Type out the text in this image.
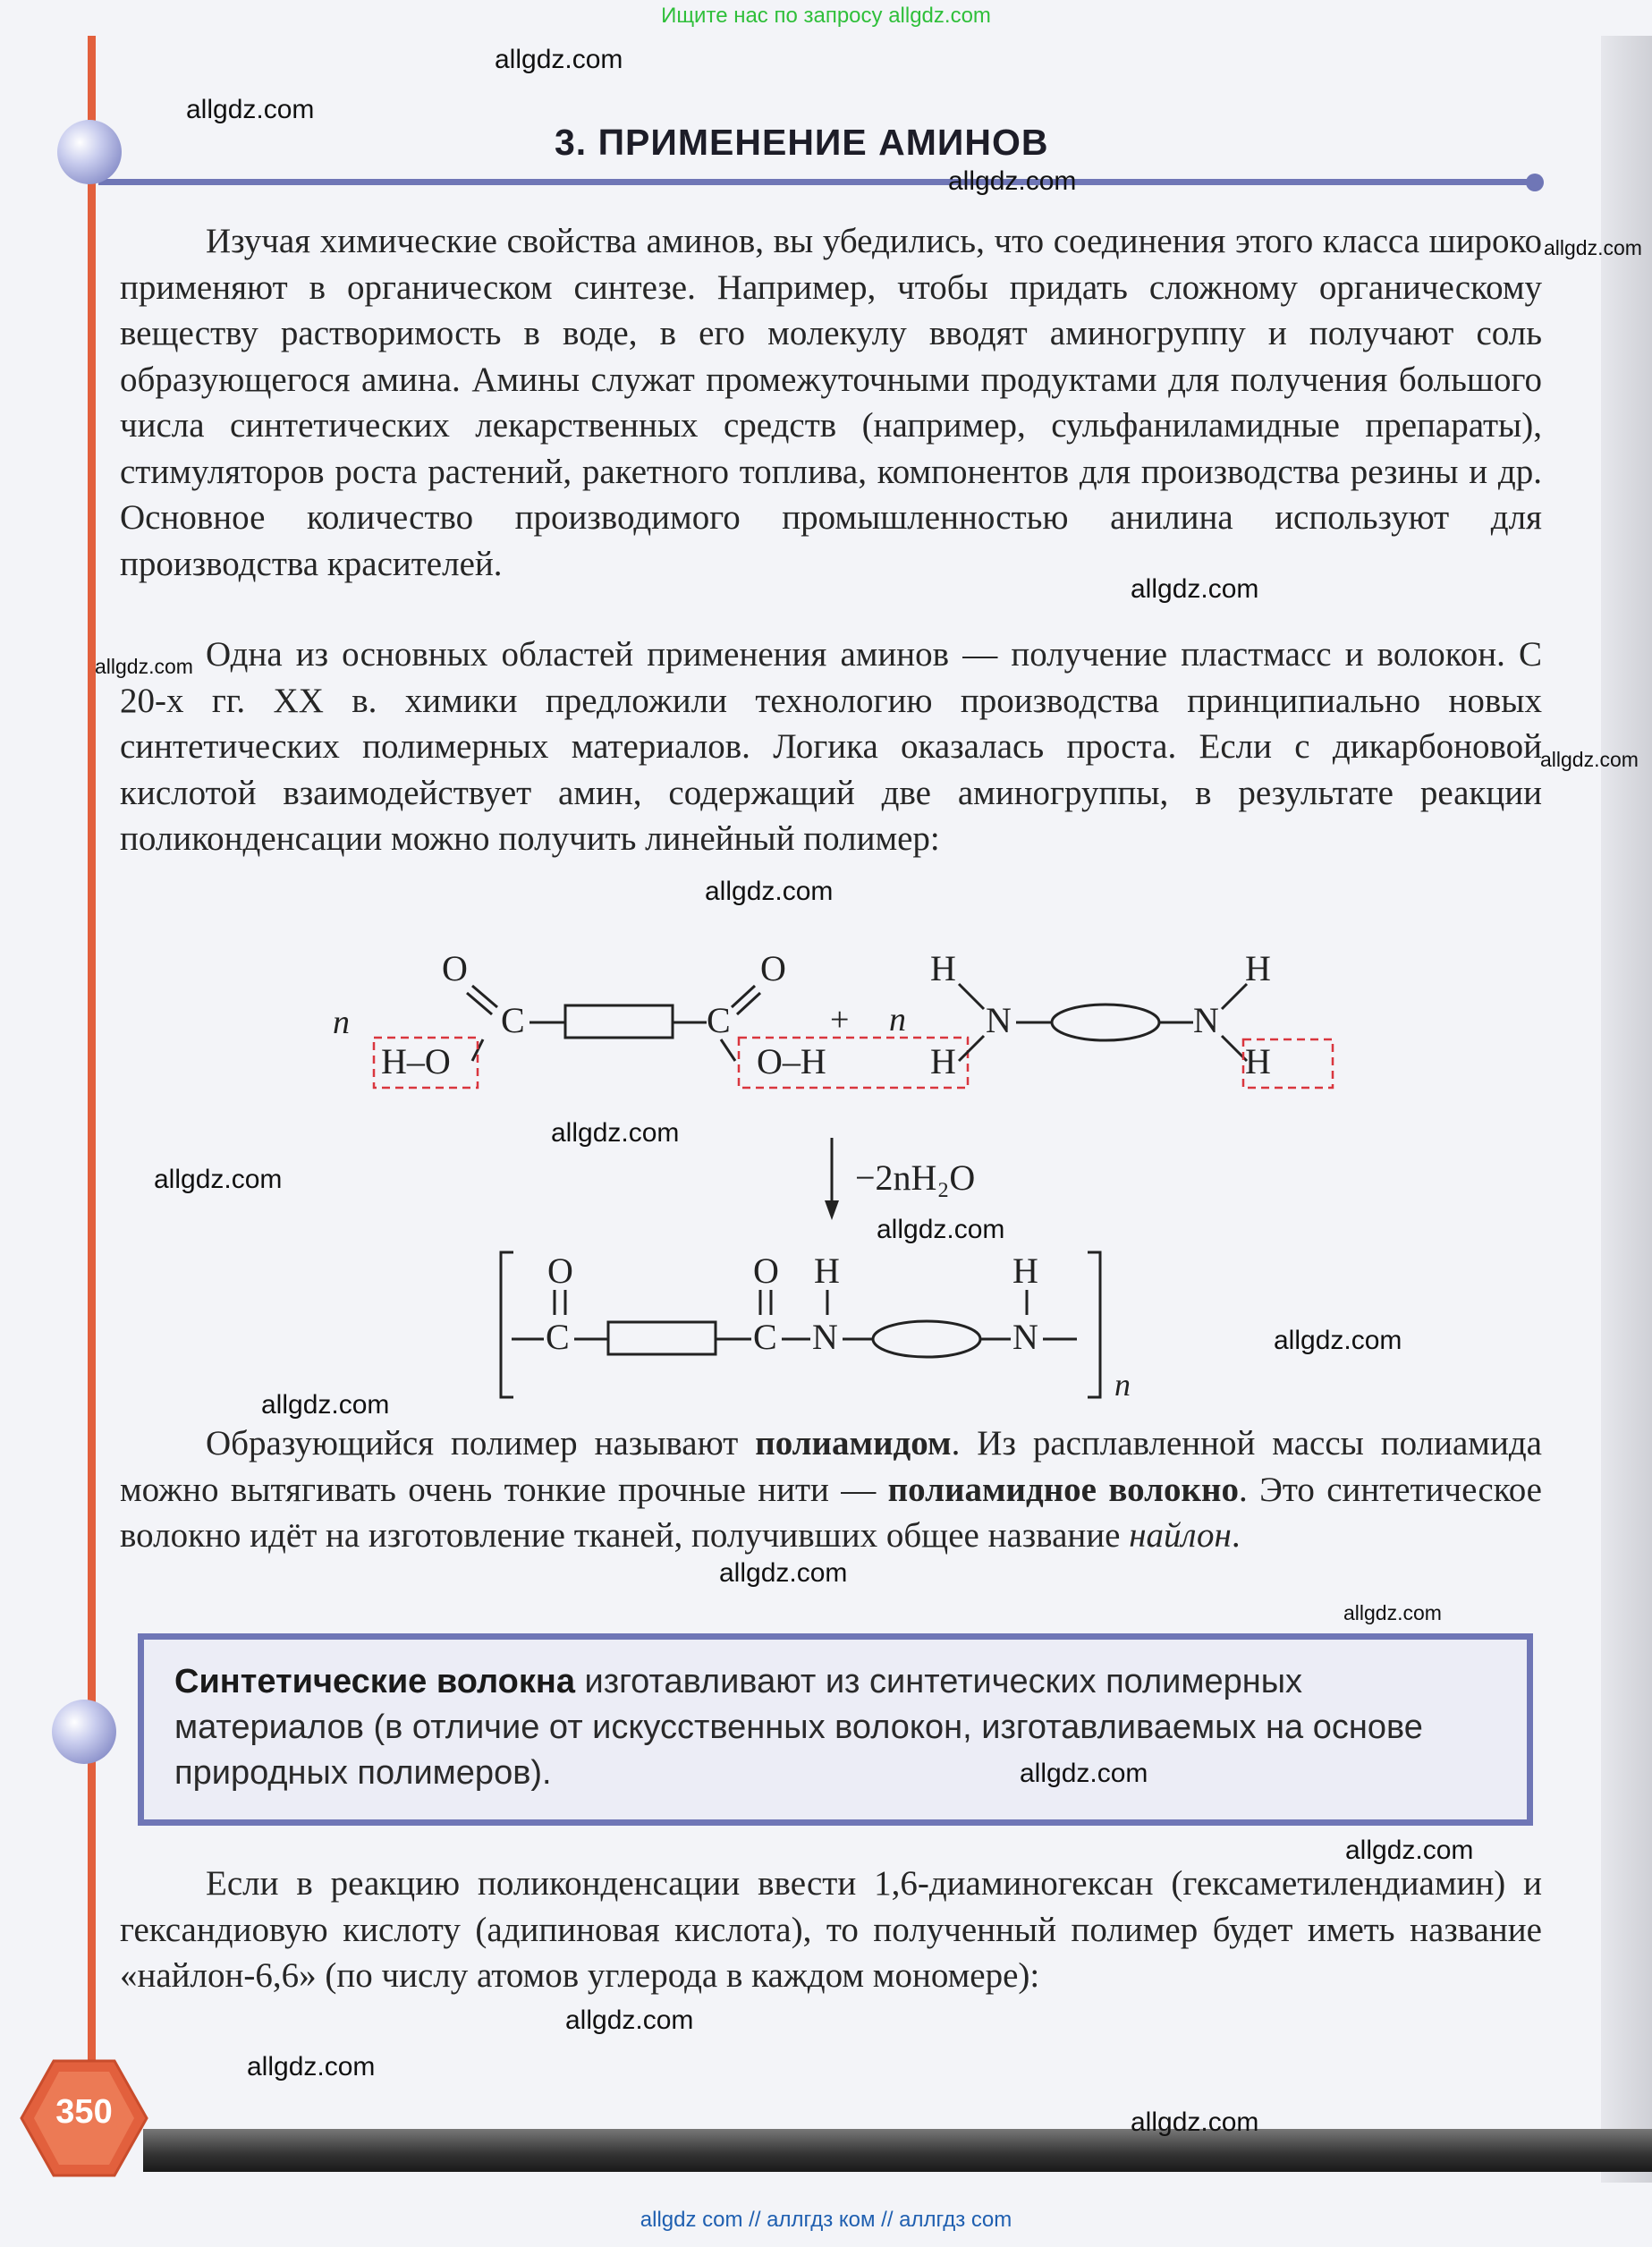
Ищите нас по запросу allgdz.com
3. ПРИМЕНЕНИЕ АМИНОВ

Изучая химические свойства аминов, вы убедились, что соединения этого класса широко применяют в органическом синтезе. Например, чтобы придать сложному органическому веществу растворимость в воде, в его молекулу вводят аминогруппу и получают соль образующегося амина. Амины служат промежуточными продуктами для получения большого числа синтетических лекарственных средств (например, сульфаниламидные препараты), стимуляторов роста растений, ракетного топлива, компонентов для производства резины и др. Основное количество производимого промышленностью анилина используют для производства красителей.

Одна из основных областей применения аминов — получение пластмасс и волокон. С 20-х гг. XX в. химики предложили технологию производства принципиально новых синтетических полимерных материалов. Логика оказалась проста. Если с дикарбоновой кислотой взаимодействует амин, содержащий две аминогруппы, в результате реакции поликонденсации можно получить линейный полимер:

n
O
C	C
O
H–O	O–H
+ n
H
H
N	N
H
H
−2nH₂O
n
O
C
O
C
H
N
H
N

Образующийся полимер называют полиамидом. Из расплавленной массы полиамида можно вытягивать очень тонкие прочные нити — полиамидное волокно. Это синтетическое волокно идёт на изготовление тканей, получивших общее название найлон.

Синтетические волокна изготавливают из синтетических полимерных материалов (в отличие от искусственных волокон, изготавливаемых на основе природных полимеров).

Если в реакцию поликонденсации ввести 1,6-диаминогексан (гексаметилендиамин) и гександиовую кислоту (адипиновая кислота), то полученный полимер будет иметь название «найлон-6,6» (по числу атомов углерода в каждом мономере):

350
allgdz.com
allgdz.com
allgdz.com
allgdz.com
allgdz.com
allgdz.com
allgdz.com
allgdz.com
allgdz.com
allgdz.com
allgdz.com
allgdz.com
allgdz.com
allgdz.com
allgdz.com
allgdz.com
allgdz.com
allgdz.com
allgdz.com
allgdz.com
allgdz com // аллгдз ком // аллгдз com
